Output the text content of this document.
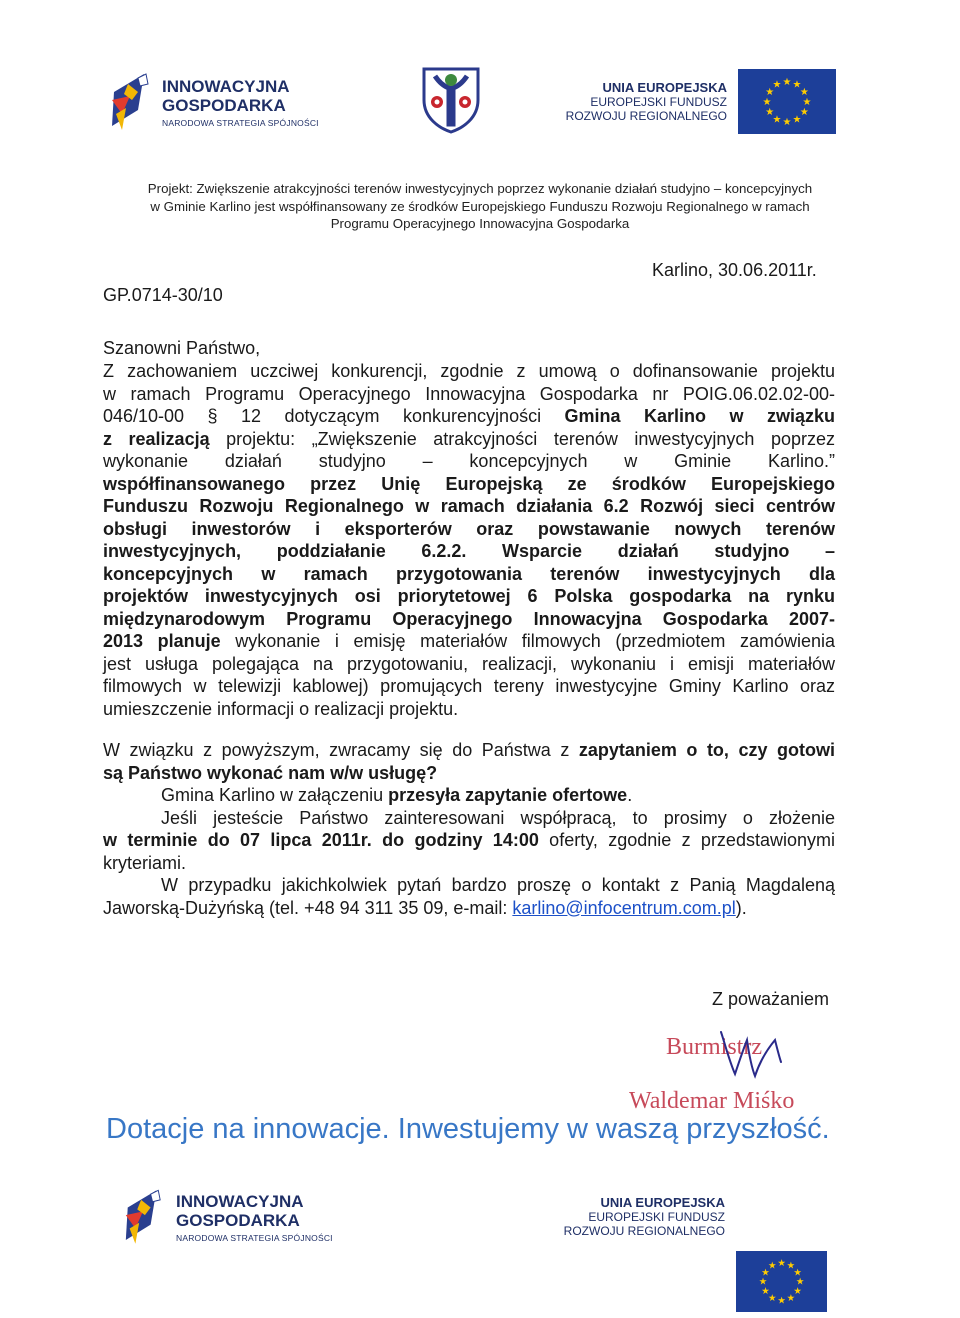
INNOWACYJNA
GOSPODARKA
NARODOWA STRATEGIA SPÓJNOŚCI
UNIA EUROPEJSKA
EUROPEJSKI FUNDUSZ
ROZWOJU REGIONALNEGO
★ ★
★
★
★
★
★
★
★
★
★
★
Projekt: Zwiększenie atrakcyjności terenów inwestycyjnych poprzez wykonanie działań studyjno – koncepcyjnych
w Gminie Karlino jest współfinansowany ze środków Europejskiego Funduszu Rozwoju Regionalnego w ramach
Programu Operacyjnego Innowacyjna Gospodarka
Karlino, 30.06.2011r.
GP.0714-30/10
Szanowni Państwo,
Z zachowaniem uczciwej konkurencji, zgodnie z umową o dofinansowanie projektu
w ramach Programu Operacyjnego Innowacyjna Gospodarka nr POIG.06.02.02-00-
046/10-00 § 12 dotyczącym konkurencyjności Gmina Karlino w związku
z realizacją projektu: „Zwiększenie atrakcyjności terenów inwestycyjnych poprzez
wykonanie działań studyjno – koncepcyjnych w Gminie Karlino.”
współfinansowanego przez Unię Europejską ze środków Europejskiego
Funduszu Rozwoju Regionalnego w ramach działania 6.2 Rozwój sieci centrów
obsługi inwestorów i eksporterów oraz powstawanie nowych terenów
inwestycyjnych, poddziałanie 6.2.2. Wsparcie działań studyjno –
koncepcyjnych w ramach przygotowania terenów inwestycyjnych dla
projektów inwestycyjnych osi priorytetowej 6 Polska gospodarka na rynku
międzynarodowym Programu Operacyjnego Innowacyjna Gospodarka 2007-
2013 planuje wykonanie i emisję materiałów filmowych (przedmiotem zamówienia
jest usługa polegająca na przygotowaniu, realizacji, wykonaniu i emisji materiałów
filmowych w telewizji kablowej) promujących tereny inwestycyjne Gminy Karlino oraz
umieszczenie informacji o realizacji projektu.
W związku z powyższym, zwracamy się do Państwa z zapytaniem o to, czy gotowi
są Państwo wykonać nam w/w usługę?
Gmina Karlino w załączeniu przesyła zapytanie ofertowe.
Jeśli jesteście Państwo zainteresowani współpracą, to prosimy o złożenie
w terminie do 07 lipca 2011r. do godziny 14:00 oferty, zgodnie z przedstawionymi
kryteriami.
W przypadku jakichkolwiek pytań bardzo proszę o kontakt z Panią Magdaleną
Jaworską-Dużyńską (tel. +48 94 311 35 09, e-mail: karlino@infocentrum.com.pl).
Z poważaniem
Burmistrz
Waldemar Miśko
Dotacje na innowacje. Inwestujemy w waszą przyszłość.
INNOWACYJNA
GOSPODARKA
NARODOWA STRATEGIA SPÓJNOŚCI
UNIA EUROPEJSKA
EUROPEJSKI FUNDUSZ
ROZWOJU REGIONALNEGO
★ ★
★
★
★
★
★
★
★
★
★
★
